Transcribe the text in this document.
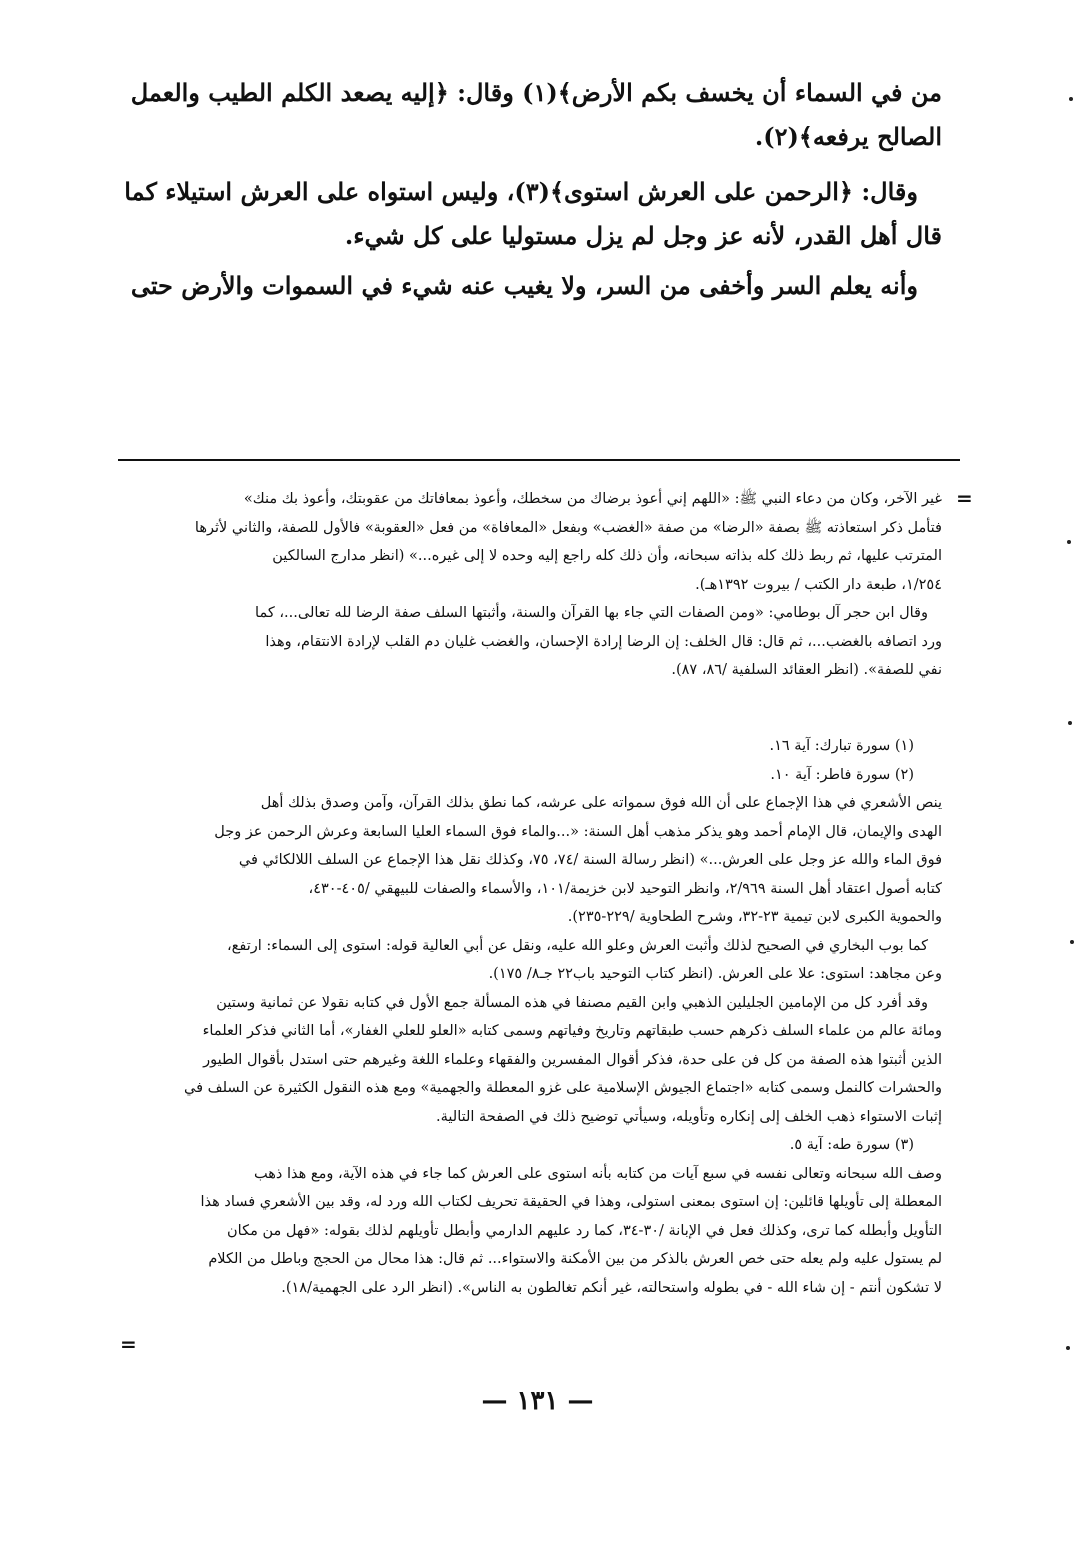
من في السماء أن يخسف بكم الأرض﴾(١) وقال: ﴿إليه يصعد الكلم الطيب والعمل
الصالح يرفعه﴾(٢).
وقال: ﴿الرحمن على العرش استوى﴾(٣)، وليس استواه على العرش استيلاء كما
قال أهل القدر، لأنه عز وجل لم يزل مستوليا على كل شيء.
وأنه يعلم السر وأخفى من السر، ولا يغيب عنه شيء في السموات والأرض حتى
=
غير الآخر، وكان من دعاء النبي ﷺ: «اللهم إني أعوذ برضاك من سخطك، وأعوذ بمعافاتك من عقوبتك، وأعوذ بك منك»
فتأمل ذكر استعاذته ﷺ بصفة «الرضا» من صفة «الغضب» وبفعل «المعافاة» من فعل «العقوبة» فالأول للصفة، والثاني لأثرها
المترتب عليها، ثم ربط ذلك كله بذاته سبحانه، وأن ذلك كله راجع إليه وحده لا إلى غيره...» (انظر مدارج السالكين
١/٢٥٤، طبعة دار الكتب / بيروت ١٣٩٢هـ).
وقال ابن حجر آل بوطامي: «ومن الصفات التي جاء بها القرآن والسنة، وأثبتها السلف صفة الرضا لله تعالى...، كما
ورد اتصافه بالغضب...، ثم قال: قال الخلف: إن الرضا إرادة الإحسان، والغضب غليان دم القلب لإرادة الانتقام، وهذا
نفي للصفة». (انظر العقائد السلفية /٨٦، ٨٧).
(١) سورة تبارك: آية ١٦.
(٢) سورة فاطر: آية ١٠.
ينص الأشعري في هذا الإجماع على أن الله فوق سمواته على عرشه، كما نطق بذلك القرآن، وآمن وصدق بذلك أهل
الهدى والإيمان، قال الإمام أحمد وهو يذكر مذهب أهل السنة: «...والماء فوق السماء العليا السابعة وعرش الرحمن عز وجل
فوق الماء والله عز وجل على العرش...» (انظر رسالة السنة /٧٤، ٧٥، وكذلك نقل هذا الإجماع عن السلف اللالكائي في
كتابه أصول اعتقاد أهل السنة ٢/٩٦٩، وانظر التوحيد لابن خزيمة/١٠١، والأسماء والصفات للبيهقي /٤٠٥-٤٣٠،
والحموية الكبرى لابن تيمية ٢٣-٣٢، وشرح الطحاوية /٢٢٩-٢٣٥).
كما بوب البخاري في الصحيح لذلك وأثبت العرش وعلو الله عليه، ونقل عن أبي العالية قوله: استوى إلى السماء: ارتفع،
وعن مجاهد: استوى: علا على العرش. (انظر كتاب التوحيد باب٢٢ جـ٨/ ١٧٥).
وقد أفرد كل من الإمامين الجليلين الذهبي وابن القيم مصنفا في هذه المسألة جمع الأول في كتابه نقولا عن ثمانية وستين
ومائة عالم من علماء السلف ذكرهم حسب طبقاتهم وتاريخ وفياتهم وسمى كتابه «العلو للعلي الغفار»، أما الثاني فذكر العلماء
الذين أثبتوا هذه الصفة من كل فن على حدة، فذكر أقوال المفسرين والفقهاء وعلماء اللغة وغيرهم حتى استدل بأقوال الطيور
والحشرات كالنمل وسمى كتابه «اجتماع الجيوش الإسلامية على غزو المعطلة والجهمية» ومع هذه النقول الكثيرة عن السلف في
إثبات الاستواء ذهب الخلف إلى إنكاره وتأويله، وسيأتي توضيح ذلك في الصفحة التالية.
(٣) سورة طه: آية ٥.
وصف الله سبحانه وتعالى نفسه في سبع آيات من كتابه بأنه استوى على العرش كما جاء في هذه الآية، ومع هذا ذهب
المعطلة إلى تأويلها قائلين: إن استوى بمعنى استولى، وهذا في الحقيقة تحريف لكتاب الله ورد له، وقد بين الأشعري فساد هذا
التأويل وأبطله كما ترى، وكذلك فعل في الإبانة /٣٠-٣٤، كما رد عليهم الدارمي وأبطل تأويلهم لذلك بقوله: «فهل من مكان
لم يستول عليه ولم يعله حتى خص العرش بالذكر من بين الأمكنة والاستواء... ثم قال: هذا محال من الحجج وباطل من الكلام
لا تشكون أنتم - إن شاء الله - في بطوله واستحالته، غير أنكم تغالطون به الناس». (انظر الرد على الجهمية/١٨).
=
— ١٣١ —
